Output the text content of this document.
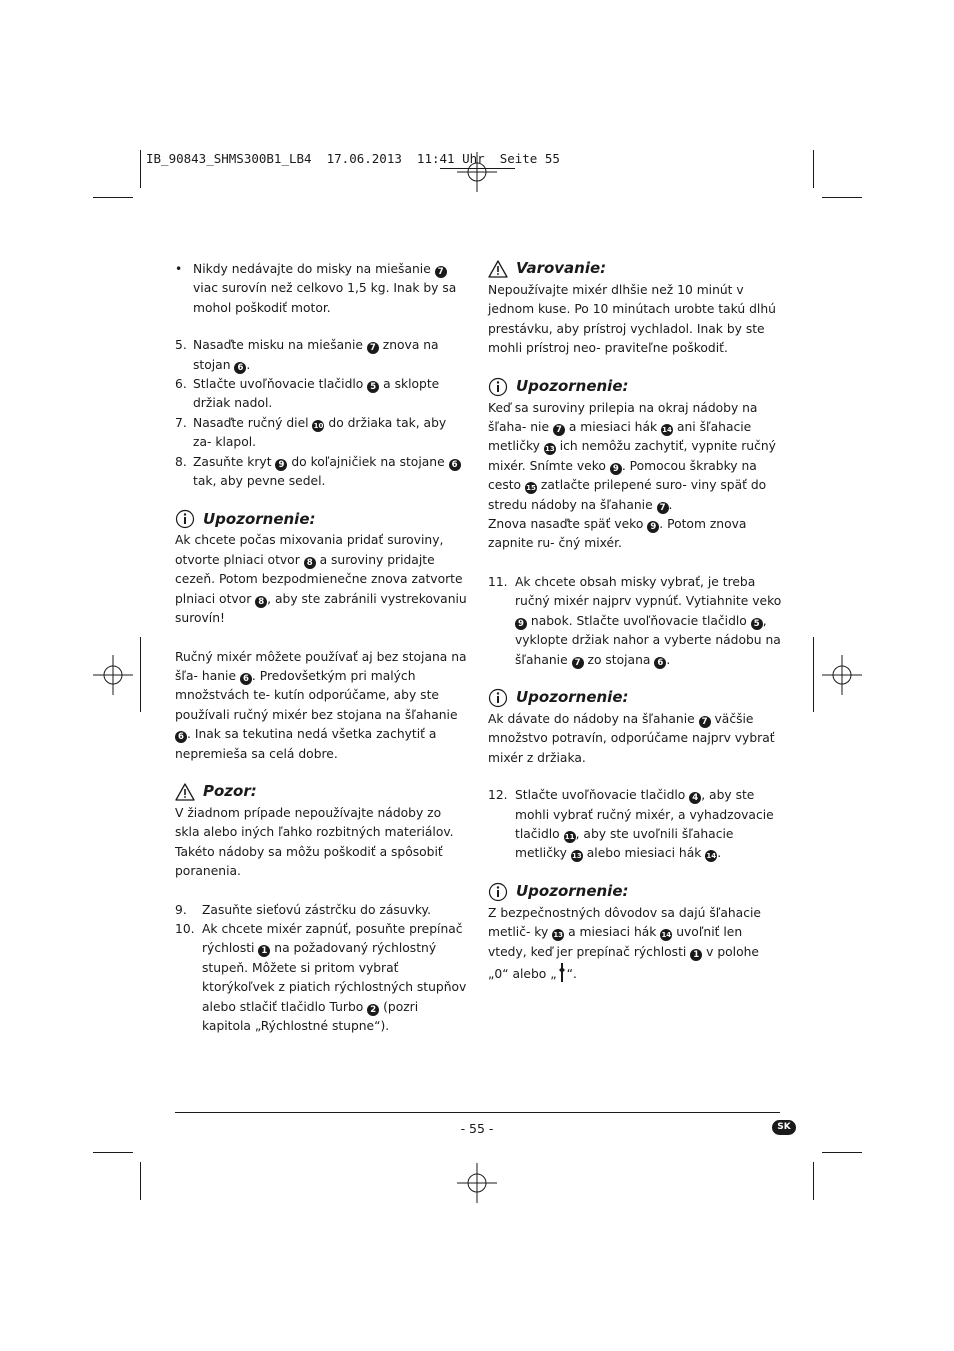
IB_90843_SHMS300B1_LB4  17.06.2013  11:41 Uhr  Seite 55
• Nikdy nedávajte do misky na miešanie 7 viac surovín než celkovo 1,5 kg. Inak by sa mohol poškodiť motor.
5. Nasaďte misku na miešanie 7 znova na stojan 6 .
6. Stlačte uvoľňovacie tlačidlo 5 a sklopte držiak nadol.
7. Nasaďte ručný diel 10 do držiaka tak, aby za- klapol.
8. Zasuňte kryt 9 do koľajničiek na stojane 6 tak, aby pevne sedel.
Upozornenie:

Ak chcete počas mixovania pridať suroviny, otvorte plniaci otvor 8 a suroviny pridajte cezeň. Potom bezpodmienečne znova zatvorte plniaci otvor 8 , aby ste zabránili vystrekovaniu surovín!

Ručný mixér môžete používať aj bez stojana na šľa- hanie 6 . Predovšetkým pri malých množstvách te- kutín odporúčame, aby ste používali ručný mixér bez stojana na šľahanie 6 . Inak sa tekutina nedá všetka zachytiť a nepremieša sa celá dobre.

Pozor:

V žiadnom prípade nepoužívajte nádoby zo skla alebo iných ľahko rozbitných materiálov. Takéto nádoby sa môžu poškodiť a spôsobiť poranenia.

9.	Zasuňte sieťovú zástrčku do zásuvky.
10. Ak chcete mixér zapnúť, posuňte prepínač rýchlosti 1 na požadovaný rýchlostný stupeň. Môžete si pritom vybrať ktorýkoľvek z piatich rýchlostných stupňov alebo stlačiť tlačidlo Turbo 2 (pozri kapitola „Rýchlostné stupne“).
Varovanie:

Nepoužívajte mixér dlhšie než 10 minút v jednom kuse. Po 10 minútach urobte takú dlhú prestávku, aby prístroj vychladol. Inak by ste mohli prístroj neo- praviteľne poškodiť.

Upozornenie:

Keď sa suroviny prilepia na okraj nádoby na šľaha- nie 7 a miesiaci hák 14 ani šľahacie metličky 13 ich nemôžu zachytiť, vypnite ručný mixér. Snímte veko 9 . Pomocou škrabky na cesto 15 zatlačte prilepené suro- viny späť do stredu nádoby na šľahanie 7 .

Znova nasaďte späť veko 9 . Potom znova zapnite ru- čný mixér.

11. Ak chcete obsah misky vybrať, je treba ručný mixér najprv vypnúť. Vytiahnite veko 9 nabok. Stlačte uvoľňovacie tlačidlo 5 , vyklopte držiak nahor a vyberte nádobu na šľahanie 7 zo stojana 6 .
Upozornenie:

Ak dávate do nádoby na šľahanie 7 väčšie množstvo potravín, odporúčame najprv vybrať mixér z držiaka.

12. Stlačte uvoľňovacie tlačidlo 4 , aby ste mohli vybrať ručný mixér, a vyhadzovacie tlačidlo 11, aby ste uvoľnili šľahacie metličky 13 alebo miesiaci hák 14.
Upozornenie:

Z bezpečnostných dôvodov sa dajú šľahacie metlič- ky 13 a miesiaci hák 14 uvoľniť len vtedy, keď jer prepínač rýchlosti 1 v polohe „0“ alebo „ “.

- 55 -	SK
